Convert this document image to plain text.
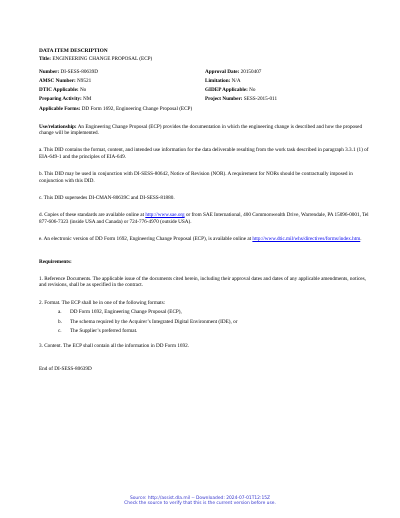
DATA ITEM DESCRIPTION
Title: ENGINEERING CHANGE PROPOSAL (ECP)
Number: DI-SESS-80639D	Approval Date: 20150407
AMSC Number: N9521	Limitation: N/A
DTIC Applicable: No	GIDEP Applicable: No
Preparing Activity: NM	Project Number: SESS-2015-011
Applicable Forms: DD Form 1692, Engineering Change Proposal (ECP)

Use/relationship: An Engineering Change Proposal (ECP) provides the documentation in which the engineering change is described and how the proposed change will be implemented.

a. This DID contains the format, content, and intended use information for the data deliverable resulting from the work task described in paragraph 3.3.1 (1) of EIA-649-1 and the principles of EIA-649.

b. This DID may be used in conjunction with DI-SESS-80642, Notice of Revision (NOR). A requirement for NORs should be contractually imposed in conjunction with this DID.

c. This DID supersedes DI-CMAN-80639C and DI-SESS-81880.

d. Copies of these standards are available online at http://www.sae.org or from SAE International, 400 Commonwealth Drive, Warrendale, PA 15096-0001, Tel 877-606-7323 (inside USA and Canada) or 724-776-4970 (outside USA).

e. An electronic version of DD Form 1692, Engineering Change Proposal (ECP), is available online at http://www.dtic.mil/whs/directives/forms/index.htm.

Requirements:

1. Reference Documents. The applicable issue of the documents cited herein, including their approval dates and dates of any applicable amendments, notices, and revisions, shall be as specified in the contract.

2. Format. The ECP shall be in one of the following formats:

a.	DD Form 1692, Engineering Change Proposal (ECP),
b.	The schema required by the Acquirer’s Integrated Digital Environment (IDE), or
c.	The Supplier’s preferred format.

3. Content. The ECP shall contain all the information in DD Form 1692.

End of DI-SESS-80639D

Source: http://assist.dla.mil -- Downloaded: 2024-07-01T12:15Z
Check the source to verify that this is the current version before use.
